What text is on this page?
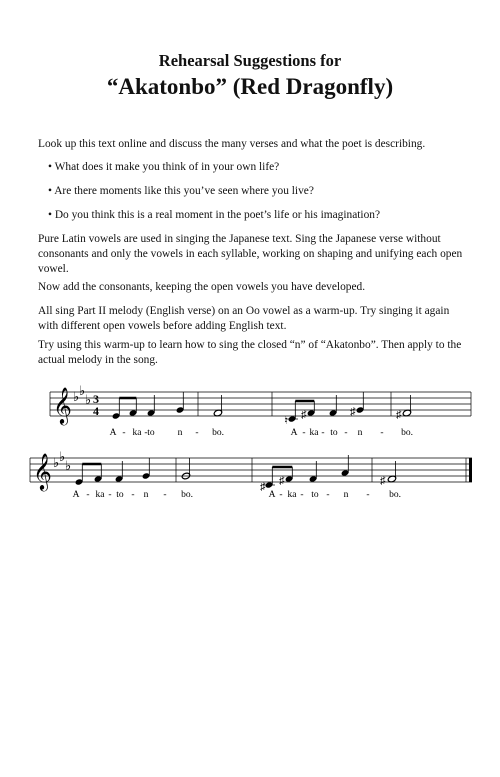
Rehearsal Suggestions for
“Akatonbo” (Red Dragonfly)

Look up this text online and discuss the many verses and what the poet is describing.

• What does it make you think of in your own life?

• Are there moments like this you’ve seen where you live?

• Do you think this is a real moment in the poet’s life or his imagination?

Pure Latin vowels are used in singing the Japanese text. Sing the Japanese verse without consonants and only the vowels in each syllable, working on shaping and unifying each open vowel.

Now add the consonants, keeping the open vowels you have developed.

All sing Part II melody (English verse) on an Oo vowel as a warm-up. Try singing it again with different open vowels before adding English text.

Try using this warm-up to learn how to sing the closed “n” of “Akatonbo”. Then apply to the actual melody in the song.

𝄞 ♭ ♭
♭ 3
4
♮ ♯	♯	♯
A - ka - to n - bo.	A - ka - to - n - bo.
𝄞 ♭ ♭
♭
♯ ♯	♯
A - ka - to - n - bo.	A - ka - to - n - bo.
